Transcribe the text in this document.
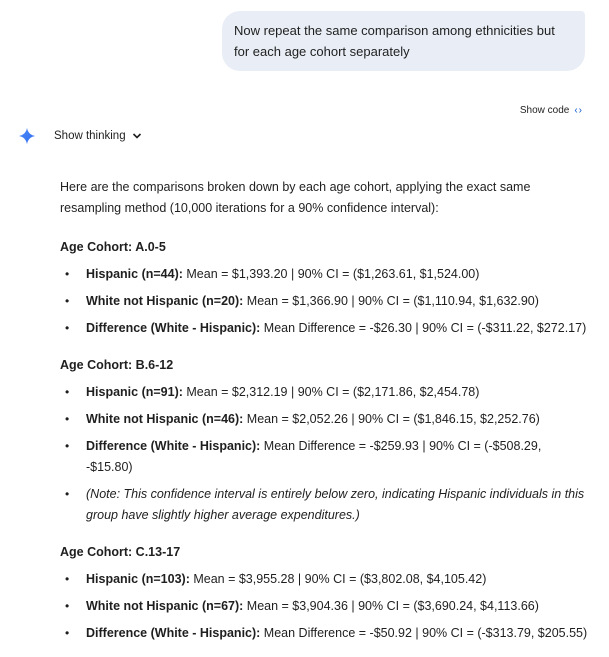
Now repeat the same comparison among ethnicities but for each age cohort separately
Show code ‹›
Show thinking

Here are the comparisons broken down by each age cohort, applying the exact same resampling method (10,000 iterations for a 90% confidence interval):

Age Cohort: A.0-5

• Hispanic (n=44): Mean = $1,393.20 | 90% CI = ($1,263.61, $1,524.00)
• White not Hispanic (n=20): Mean = $1,366.90 | 90% CI = ($1,110.94, $1,632.90)
• Difference (White - Hispanic): Mean Difference = -$26.30 | 90% CI = (-$311.22, $272.17)

Age Cohort: B.6-12

• Hispanic (n=91): Mean = $2,312.19 | 90% CI = ($2,171.86, $2,454.78)
• White not Hispanic (n=46): Mean = $2,052.26 | 90% CI = ($1,846.15, $2,252.76)
• Difference (White - Hispanic): Mean Difference = -$259.93 | 90% CI = (-$508.29, -$15.80)
• (Note: This confidence interval is entirely below zero, indicating Hispanic individuals in this group have slightly higher average expenditures.)

Age Cohort: C.13-17

• Hispanic (n=103): Mean = $3,955.28 | 90% CI = ($3,802.08, $4,105.42)
• White not Hispanic (n=67): Mean = $3,904.36 | 90% CI = ($3,690.24, $4,113.66)
• Difference (White - Hispanic): Mean Difference = -$50.92 | 90% CI = (-$313.79, $205.55)
